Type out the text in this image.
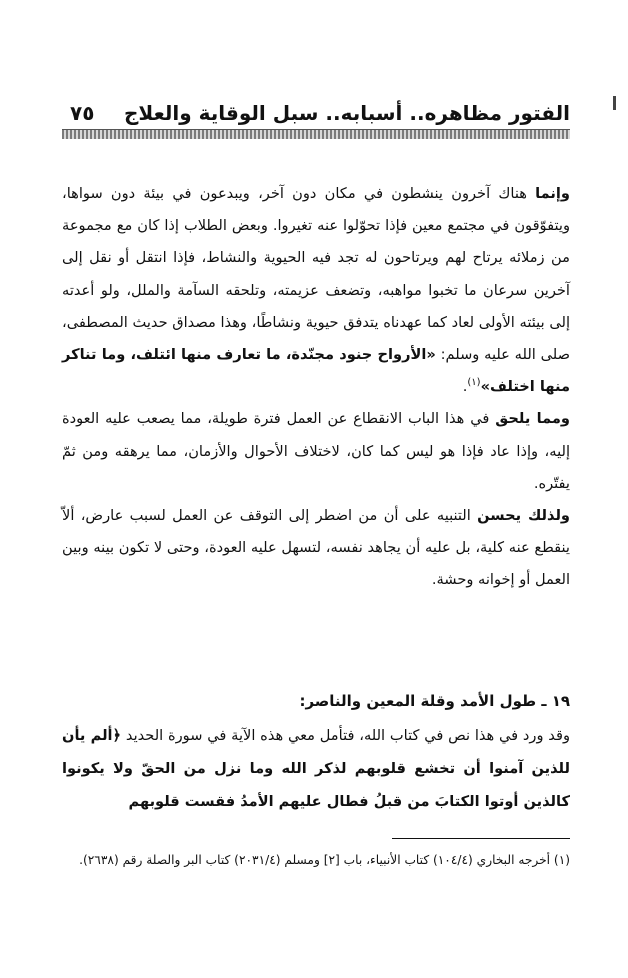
الفتور مظاهره.. أسبابه.. سبل الوقاية والعلاج
٧٥

وإنما هناك آخرون ينشطون في مكان دون آخر، ويبدعون في بيئة دون سواها، ويتفوّقون في مجتمع معين فإذا تحوّلوا عنه تغيروا. وبعض الطلاب إذا كان مع مجموعة من زملائه يرتاح لهم ويرتاحون له تجد فيه الحيوية والنشاط، فإذا انتقل أو نقل إلى آخرين سرعان ما تخبوا مواهبه، وتضعف عزيمته، وتلحقه السآمة والملل، ولو أعدته إلى بيئته الأولى لعاد كما عهدناه يتدفق حيوية ونشاطًا، وهذا مصداق حديث المصطفى، صلى الله عليه وسلم: «الأرواح جنود مجنّدة، ما تعارف منها ائتلف، وما تناكر منها اختلف»$^{(١)}$.

ومما يلحق في هذا الباب الانقطاع عن العمل فترة طويلة، مما يصعب عليه العودة إليه، وإذا عاد فإذا هو ليس كما كان، لاختلاف الأحوال والأزمان، مما يرهقه ومن ثمّ يفتّره.

ولذلك يحسن التنبيه على أن من اضطر إلى التوقف عن العمل لسبب عارض، ألاّ ينقطع عنه كلية، بل عليه أن يجاهد نفسه، لتسهل عليه العودة، وحتى لا تكون بينه وبين العمل أو إخوانه وحشة.

١٩ ـ طول الأمد وقلة المعين والناصر:

وقد ورد في هذا نص في كتاب الله، فتأمل معي هذه الآية في سورة الحديد ﴿ألم يأن للذين آمنوا أن تخشع قلوبهم لذكر الله وما نزل من الحقّ ولا يكونوا كالذين أوتوا الكتابَ من قبلُ فطال عليهم الأمدُ فقست قلوبهم

(١) أخرجه البخاري (١٠٤/٤) كتاب الأنبياء، باب [٢] ومسلم (٢٠٣١/٤) كتاب البر والصلة رقم (٢٦٣٨).
